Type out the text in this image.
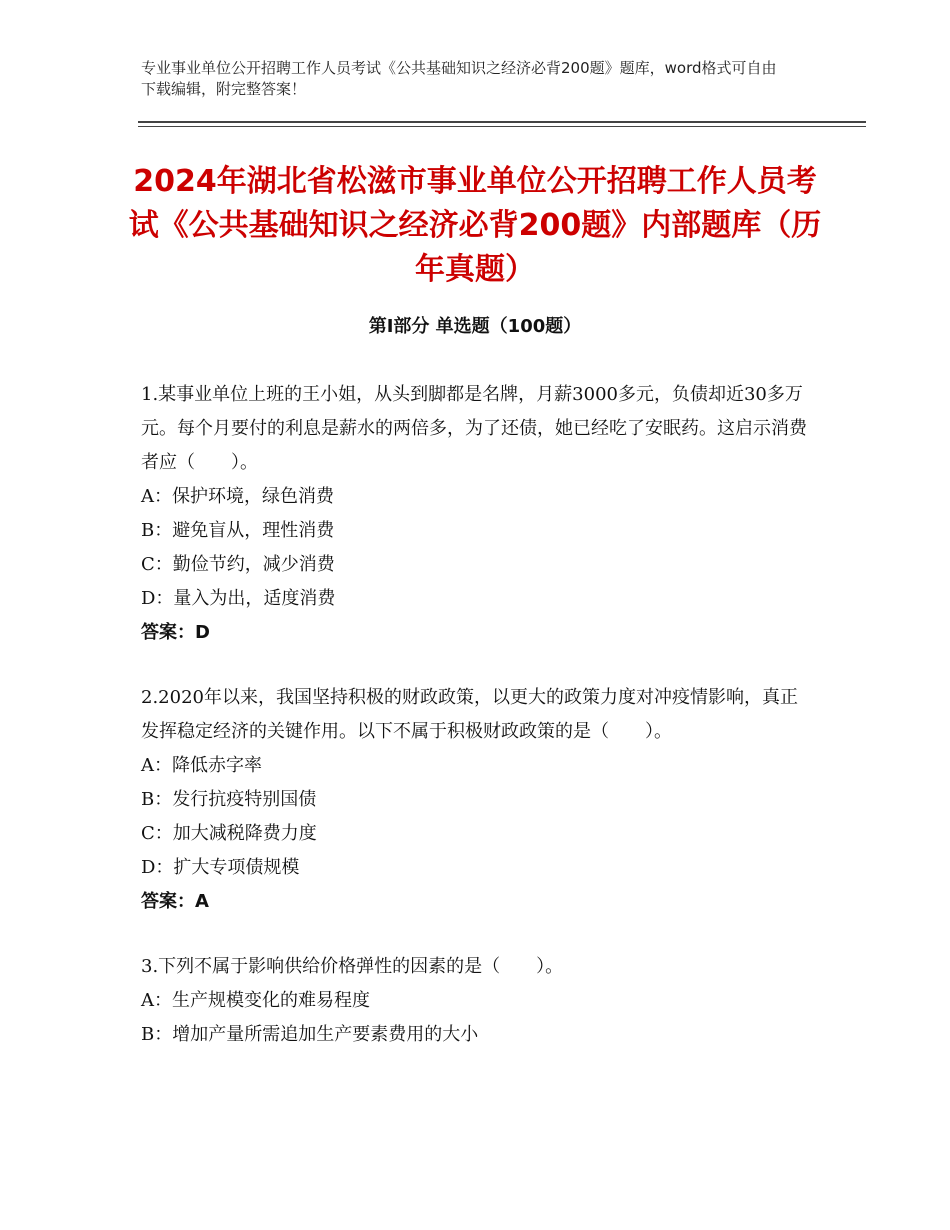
专业事业单位公开招聘工作人员考试《公共基础知识之经济必背200题》题库，word格式可自由下载编辑，附完整答案！
2024年湖北省松滋市事业单位公开招聘工作人员考试《公共基础知识之经济必背200题》内部题库（历年真题）
第Ⅰ部分 单选题（100题）
1.某事业单位上班的王小姐，从头到脚都是名牌，月薪3000多元，负债却近30多万元。每个月要付的利息是薪水的两倍多，为了还债，她已经吃了安眠药。这启示消费者应（　　）。
A：保护环境，绿色消费
B：避免盲从，理性消费
C：勤俭节约，减少消费
D：量入为出，适度消费
答案：D
2.2020年以来，我国坚持积极的财政政策，以更大的政策力度对冲疫情影响，真正发挥稳定经济的关键作用。以下不属于积极财政政策的是（　　）。
A：降低赤字率
B：发行抗疫特别国债
C：加大减税降费力度
D：扩大专项债规模
答案：A
3.下列不属于影响供给价格弹性的因素的是（　　）。
A：生产规模变化的难易程度
B：增加产量所需追加生产要素费用的大小
